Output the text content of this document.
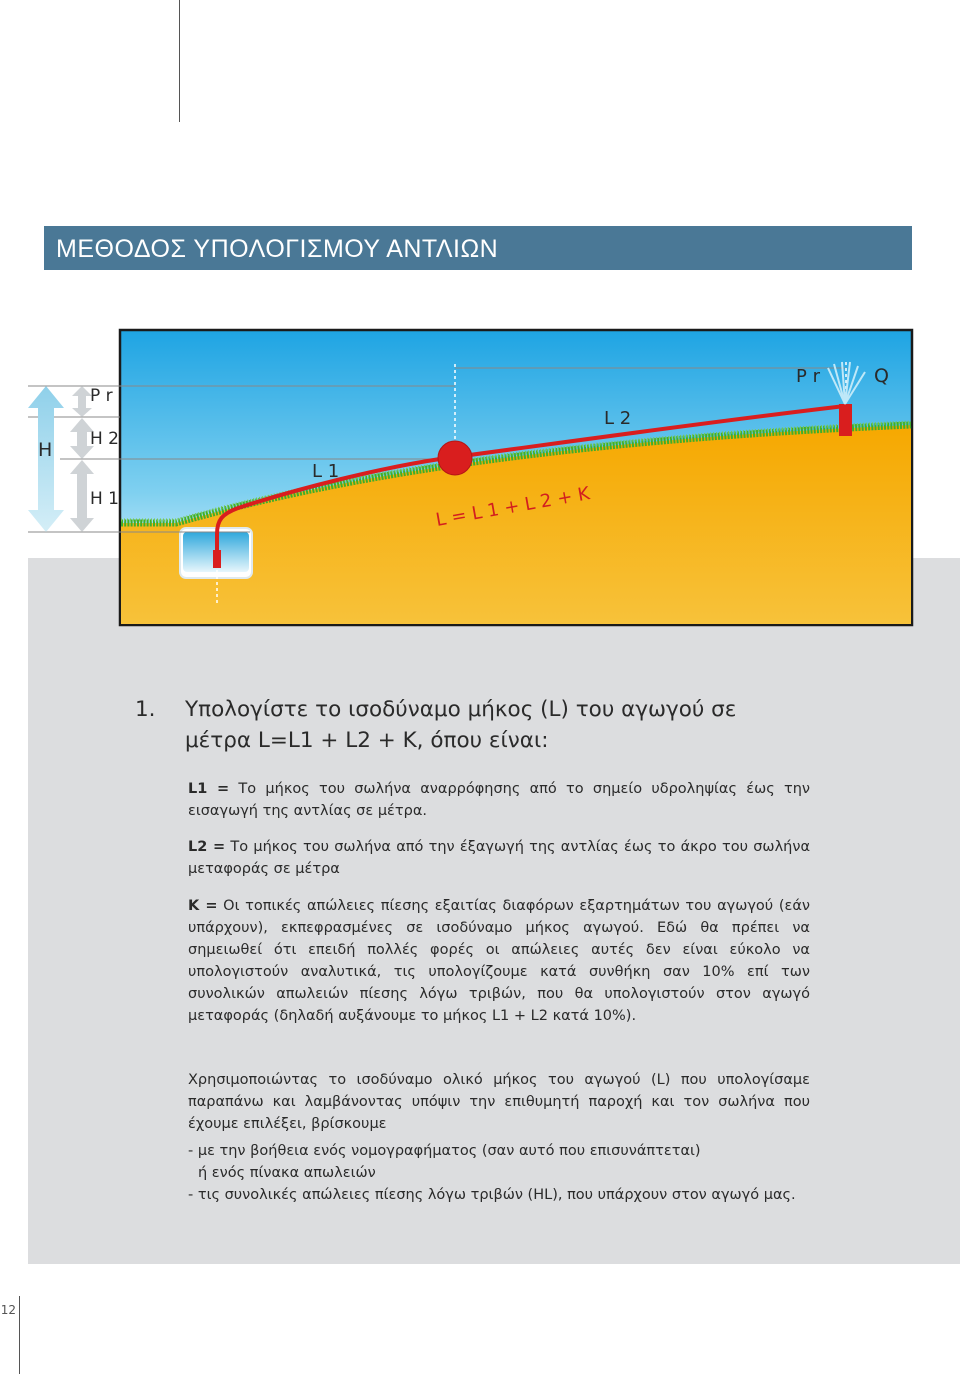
ΜΕΘΟΔΟΣ ΥΠΟΛΟΓΙΣΜΟΥ ΑΝΤΛΙΩΝ
H
P r
H 2
H 1
L 1
L 2
L = L 1 + L 2 + K
P r	Q
1. Υπολογίστε το ισοδύναμο μήκος (L) του αγωγού σε μέτρα L=L1 + L2 + K, όπου είναι:
L1 = Το μήκος του σωλήνα αναρρόφησης από το σημείο υδροληψίας έως την εισαγωγή της αντλίας σε μέτρα.
L2 = Το μήκος του σωλήνα από την έξαγωγή της αντλίας έως το άκρο του σωλήνα μεταφοράς σε μέτρα
K = Οι τοπικές απώλειες πίεσης εξαιτίας διαφόρων εξαρτημάτων του αγωγού (εάν υπάρχουν), εκπεφρασμένες σε ισοδύναμο μήκος αγωγού. Εδώ θα πρέπει να σημειωθεί ότι επειδή πολλές φορές οι απώλειες αυτές δεν είναι εύκολο να υπολογιστούν αναλυτικά, τις υπολογίζουμε κατά συνθήκη σαν 10% επί των συνολικών απωλειών πίεσης λόγω τριβών, που θα υπολογιστούν στον αγωγό μεταφοράς (δηλαδή αυξάνουμε το μήκος L1 + L2 κατά 10%).
Χρησιμοποιώντας το ισοδύναμο ολικό μήκος του αγωγού (L) που υπολογίσαμε παραπάνω και λαμβάνοντας υπόψιν την επιθυμητή παροχή και τον σωλήνα που έχουμε επιλέξει, βρίσκουμε
- με την βοήθεια ενός νομογραφήματος (σαν αυτό που επισυνάπτεται)
ή ενός πίνακα απωλειών
- τις συνολικές απώλειες πίεσης λόγω τριβών (HL), που υπάρχουν στον αγωγό μας.
12
